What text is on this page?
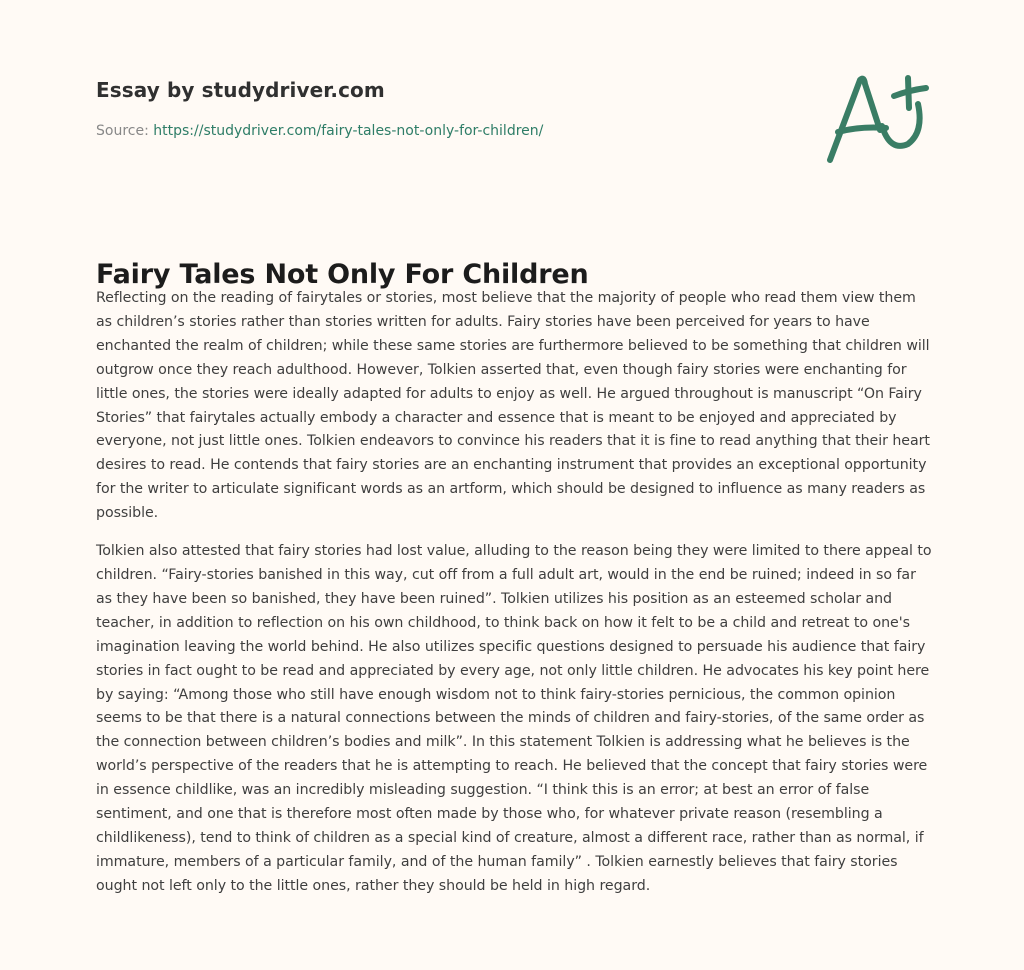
Essay by studydriver.com
Source: https://studydriver.com/fairy-tales-not-only-for-children/
Fairy Tales Not Only For Children

Reflecting on the reading of fairytales or stories, most believe that the majority of people who read them view them as children’s stories rather than stories written for adults. Fairy stories have been perceived for years to have enchanted the realm of children; while these same stories are furthermore believed to be something that children will outgrow once they reach adulthood. However, Tolkien asserted that, even though fairy stories were enchanting for little ones, the stories were ideally adapted for adults to enjoy as well. He argued throughout is manuscript “On Fairy Stories” that fairytales actually embody a character and essence that is meant to be enjoyed and appreciated by everyone, not just little ones. Tolkien endeavors to convince his readers that it is fine to read anything that their heart desires to read. He contends that fairy stories are an enchanting instrument that provides an exceptional opportunity for the writer to articulate significant words as an artform, which should be designed to influence as many readers as possible.

Tolkien also attested that fairy stories had lost value, alluding to the reason being they were limited to there appeal to children. “Fairy-stories banished in this way, cut off from a full adult art, would in the end be ruined; indeed in so far as they have been so banished, they have been ruined”. Tolkien utilizes his position as an esteemed scholar and teacher, in addition to reflection on his own childhood, to think back on how it felt to be a child and retreat to one's imagination leaving the world behind. He also utilizes specific questions designed to persuade his audience that fairy stories in fact ought to be read and appreciated by every age, not only little children. He advocates his key point here by saying: “Among those who still have enough wisdom not to think fairy-stories pernicious, the common opinion seems to be that there is a natural connections between the minds of children and fairy-stories, of the same order as the connection between children’s bodies and milk”. In this statement Tolkien is addressing what he believes is the world’s perspective of the readers that he is attempting to reach. He believed that the concept that fairy stories were in essence childlike, was an incredibly misleading suggestion. “I think this is an error; at best an error of false sentiment, and one that is therefore most often made by those who, for whatever private reason (resembling a childlikeness), tend to think of children as a special kind of creature, almost a different race, rather than as normal, if immature, members of a particular family, and of the human family” . Tolkien earnestly believes that fairy stories ought not left only to the little ones, rather they should be held in high regard.
